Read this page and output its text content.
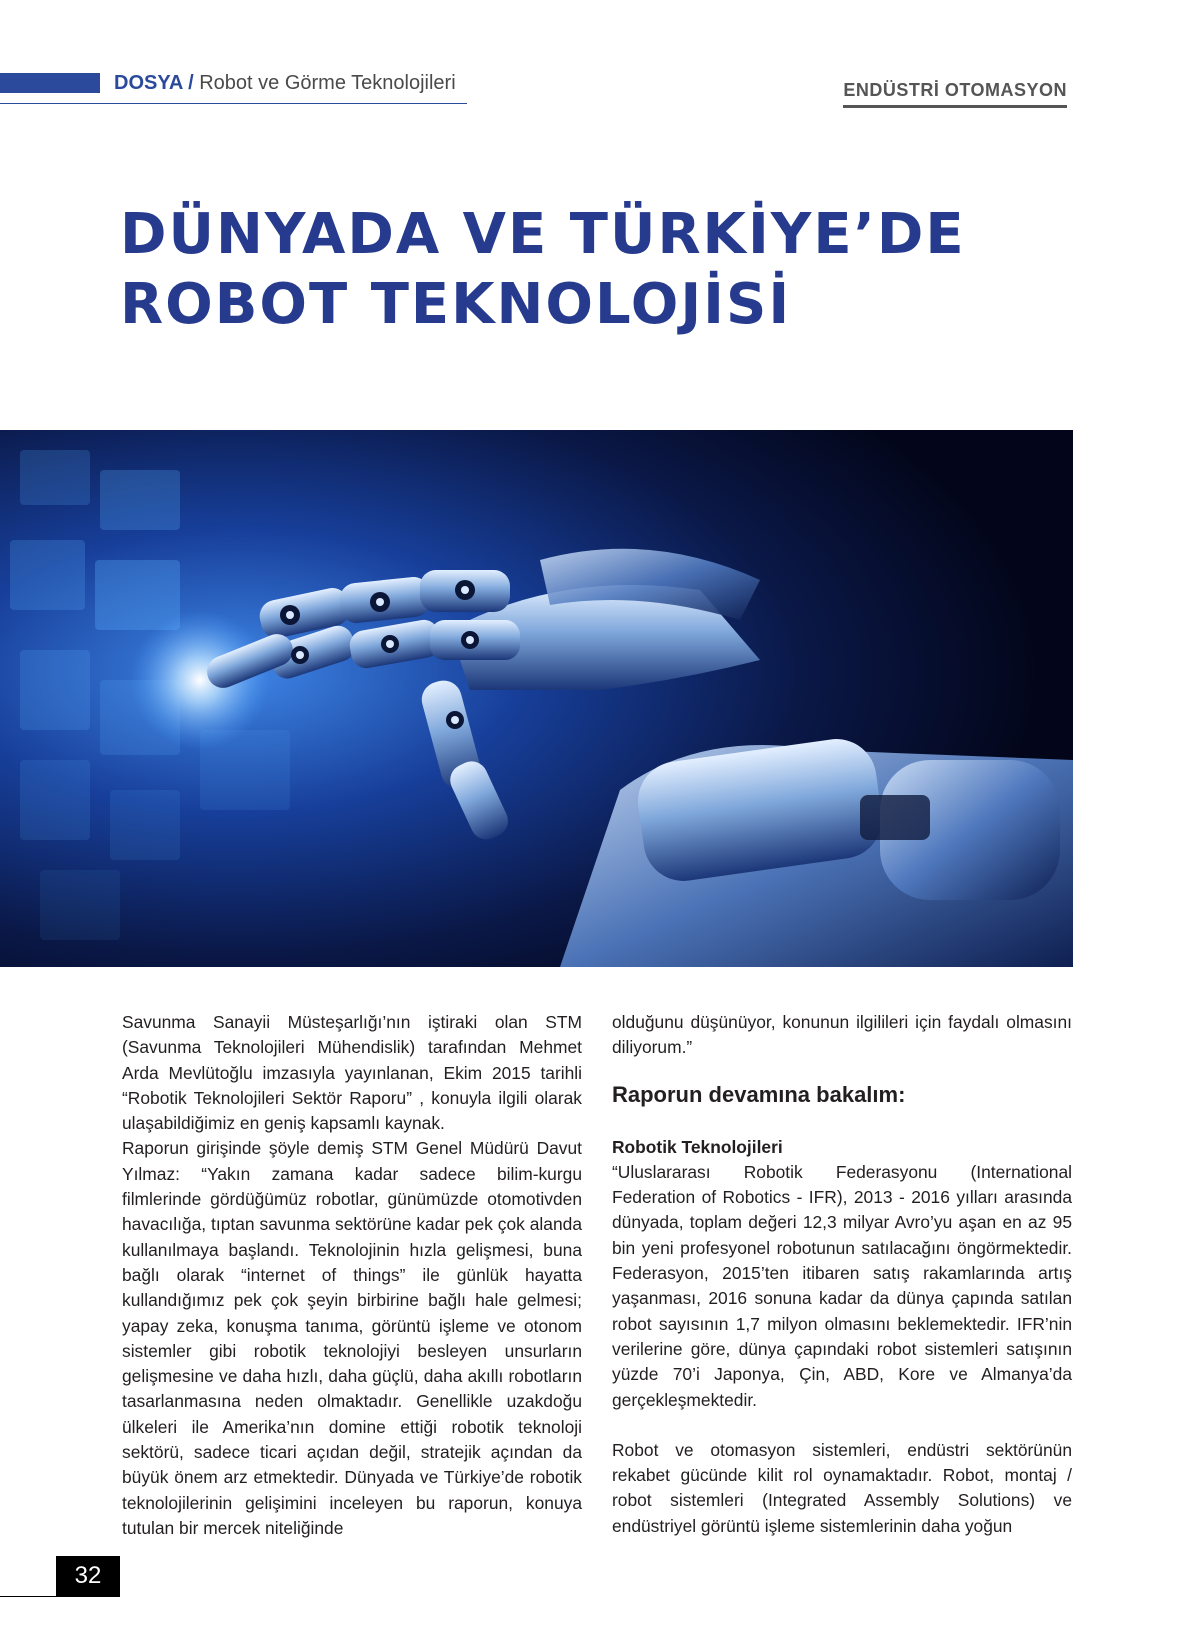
DOSYA / Robot ve Görme Teknolojileri	ENDÜSTRİ OTOMASYON
DÜNYADA VE TÜRKİYE’DE
ROBOT TEKNOLOJİSİ

Savunma Sanayii Müsteşarlığı’nın iştiraki olan STM (Savunma Teknolojileri Mühendislik) tarafından Mehmet Arda Mevlütoğlu imzasıyla yayınlanan, Ekim 2015 tarihli “Robotik Teknolojileri Sektör Raporu” , konuyla ilgili olarak ulaşabildiğimiz en geniş kapsamlı kaynak.

Raporun girişinde şöyle demiş STM Genel Müdürü Davut Yılmaz: “Yakın zamana kadar sadece bilim-kurgu filmlerinde gördüğümüz robotlar, günümüzde otomotivden havacılığa, tıptan savunma sektörüne kadar pek çok alanda kullanılmaya başlandı. Teknolojinin hızla gelişmesi, buna bağlı olarak “internet of things” ile günlük hayatta kullandığımız pek çok şeyin birbirine bağlı hale gelmesi; yapay zeka, konuşma tanıma, görüntü işleme ve otonom sistemler gibi robotik teknolojiyi besleyen unsurların gelişmesine ve daha hızlı, daha güçlü, daha akıllı robotların tasarlanmasına neden olmaktadır. Genellikle uzakdoğu ülkeleri ile Amerika’nın domine ettiği robotik teknoloji sektörü, sadece ticari açıdan değil, stratejik açından da büyük önem arz etmektedir. Dünyada ve Türkiye’de robotik teknolojilerinin gelişimini inceleyen bu raporun, konuya tutulan bir mercek niteliğinde

olduğunu düşünüyor, konunun ilgilileri için faydalı olmasını diliyorum.”

Raporun devamına bakalım:

Robotik Teknolojileri

“Uluslararası Robotik Federasyonu (International Federation of Robotics - IFR), 2013 - 2016 yılları arasında dünyada, toplam değeri 12,3 milyar Avro’yu aşan en az 95 bin yeni profesyonel robotunun satılacağını öngörmektedir. Federasyon, 2015’ten itibaren satış rakamlarında artış yaşanması, 2016 sonuna kadar da dünya çapında satılan robot sayısının 1,7 milyon olmasını beklemektedir. IFR’nin verilerine göre, dünya çapındaki robot sistemleri satışının yüzde 70’i Japonya, Çin, ABD, Kore ve Almanya’da gerçekleşmektedir.

Robot ve otomasyon sistemleri, endüstri sektörünün rekabet gücünde kilit rol oynamaktadır. Robot, montaj / robot sistemleri (Integrated Assembly Solutions) ve endüstriyel görüntü işleme sistemlerinin daha yoğun

32
